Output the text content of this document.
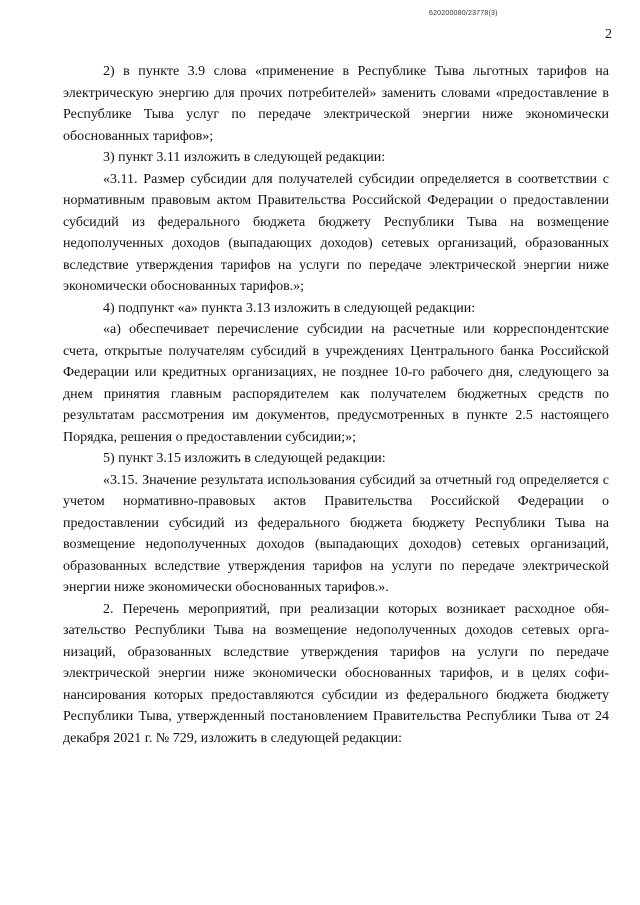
620200080/23778(3)
2

2) в пункте 3.9 слова «применение в Республике Тыва льготных тарифов на электрическую энергию для прочих потребителей» заменить словами «предоставление в Республике Тыва услуг по передаче электрической энергии ниже экономически обоснованных тарифов»;

3) пункт 3.11 изложить в следующей редакции:

«3.11. Размер субсидии для получателей субсидии определяется в соответствии с нормативным правовым актом Правительства Российской Федерации о предоставлении субсидий из федерального бюджета бюджету Республики Тыва на возмещение недополученных доходов (выпадающих доходов) сетевых организаций, образованных вследствие утверждения тарифов на услуги по передаче электрической энергии ниже экономически обоснованных тарифов.»;

4) подпункт «а» пункта 3.13 изложить в следующей редакции:

«а) обеспечивает перечисление субсидии на расчетные или корреспондентские счета, открытые получателям субсидий в учреждениях Центрального банка Российской Федерации или кредитных организациях, не позднее 10-го рабочего дня, следующего за днем принятия главным распорядителем как получателем бюджетных средств по результатам рассмотрения им документов, предусмотренных в пункте 2.5 настоящего Порядка, решения о предоставлении субсидии;»;

5) пункт 3.15 изложить в следующей редакции:

«3.15. Значение результата использования субсидий за отчетный год определяется с учетом нормативно-правовых актов Правительства Российской Федерации о предоставлении субсидий из федерального бюджета бюджету Республики Тыва на возмещение недополученных доходов (выпадающих доходов) сетевых организаций, образованных вследствие утверждения тарифов на услуги по передаче электрической энергии ниже экономически обоснованных тарифов.».

2. Перечень мероприятий, при реализации которых возникает расходное обязательство Республики Тыва на возмещение недополученных доходов сетевых организаций, образованных вследствие утверждения тарифов на услуги по передаче электрической энергии ниже экономически обоснованных тарифов, и в целях софинансирования которых предоставляются субсидии из федерального бюджета бюджету Республики Тыва, утвержденный постановлением Правительства Республики Тыва от 24 декабря 2021 г. № 729, изложить в следующей редакции:
